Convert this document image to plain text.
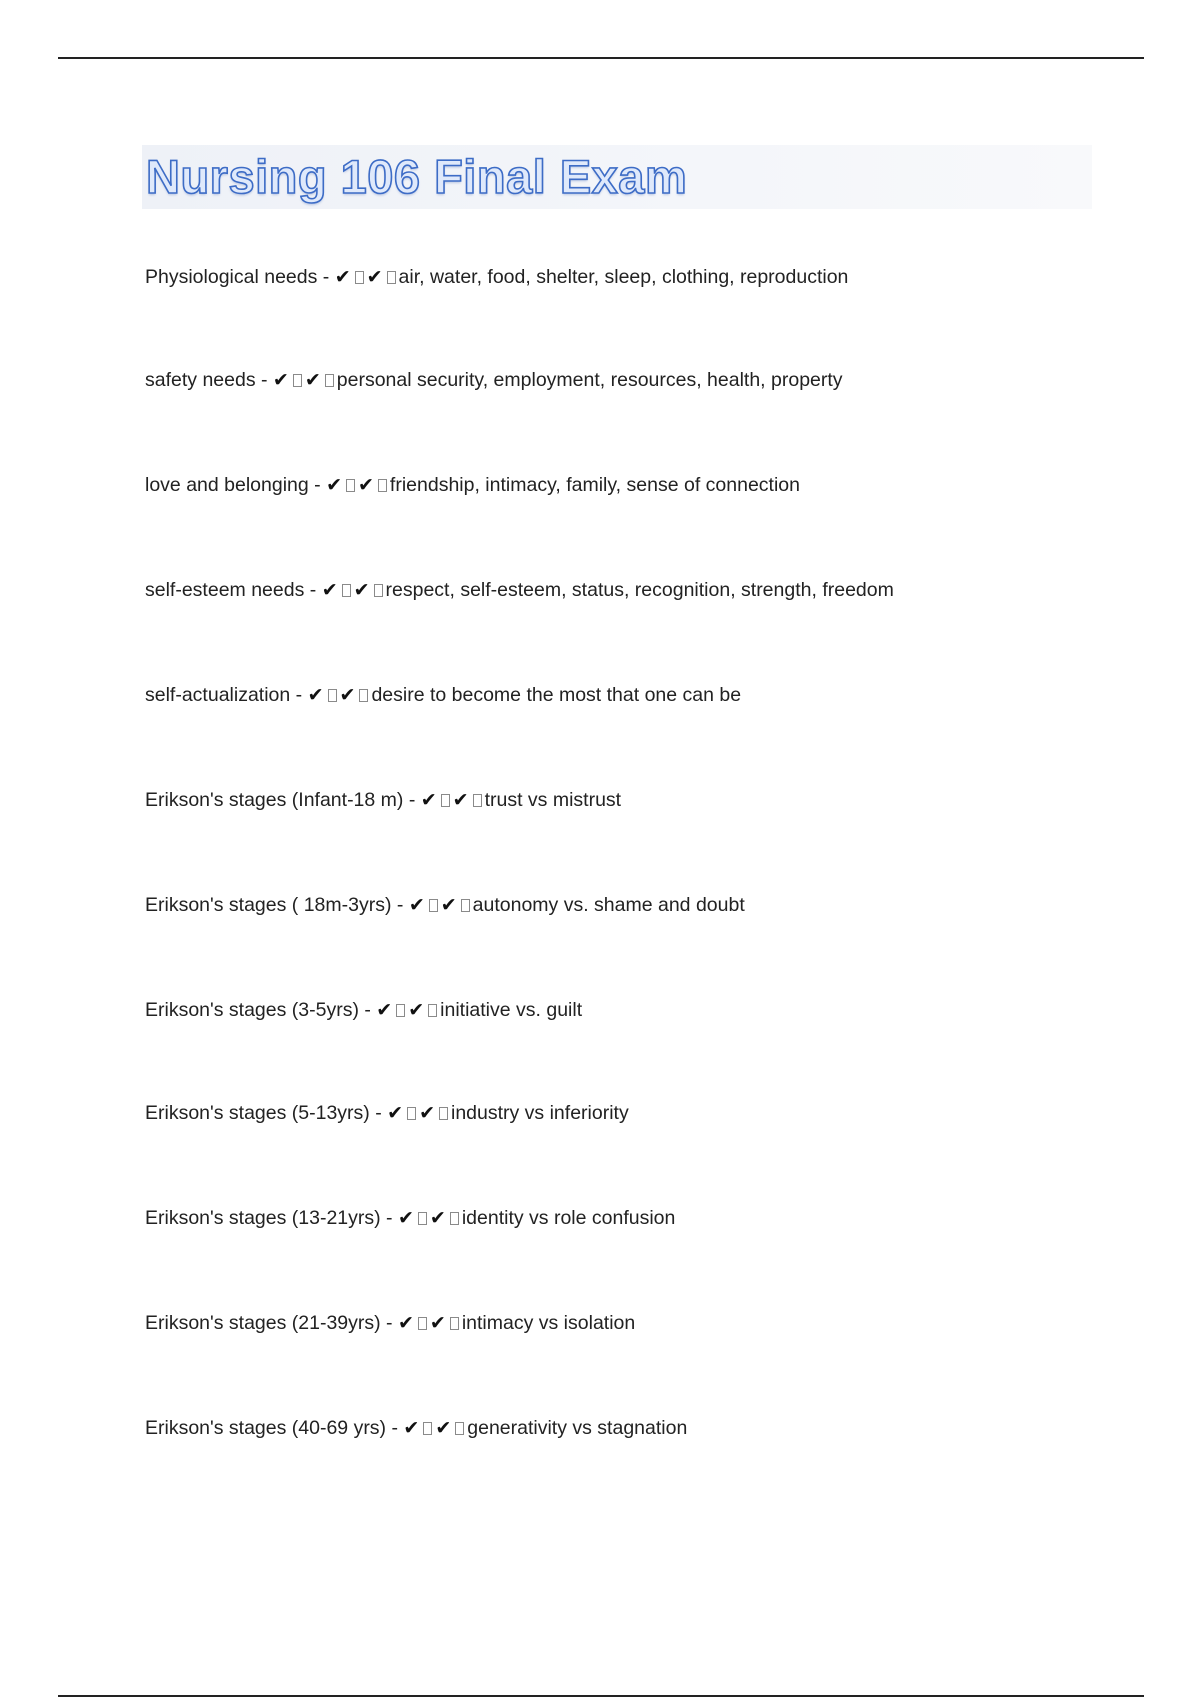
Nursing 106 Final Exam
Physiological needs - ✔ ✔ air, water, food, shelter, sleep, clothing, reproduction
safety needs - ✔ ✔ personal security, employment, resources, health, property
love and belonging - ✔ ✔ friendship, intimacy, family, sense of connection
self-esteem needs - ✔ ✔ respect, self-esteem, status, recognition, strength, freedom
self-actualization - ✔ ✔ desire to become the most that one can be
Erikson's stages (Infant-18 m) - ✔ ✔ trust vs mistrust
Erikson's stages ( 18m-3yrs) - ✔ ✔ autonomy vs. shame and doubt
Erikson's stages (3-5yrs) - ✔ ✔ initiative vs. guilt
Erikson's stages (5-13yrs) - ✔ ✔ industry vs inferiority
Erikson's stages (13-21yrs) - ✔ ✔ identity vs role confusion
Erikson's stages (21-39yrs) - ✔ ✔ intimacy vs isolation
Erikson's stages (40-69 yrs) - ✔ ✔ generativity vs stagnation
